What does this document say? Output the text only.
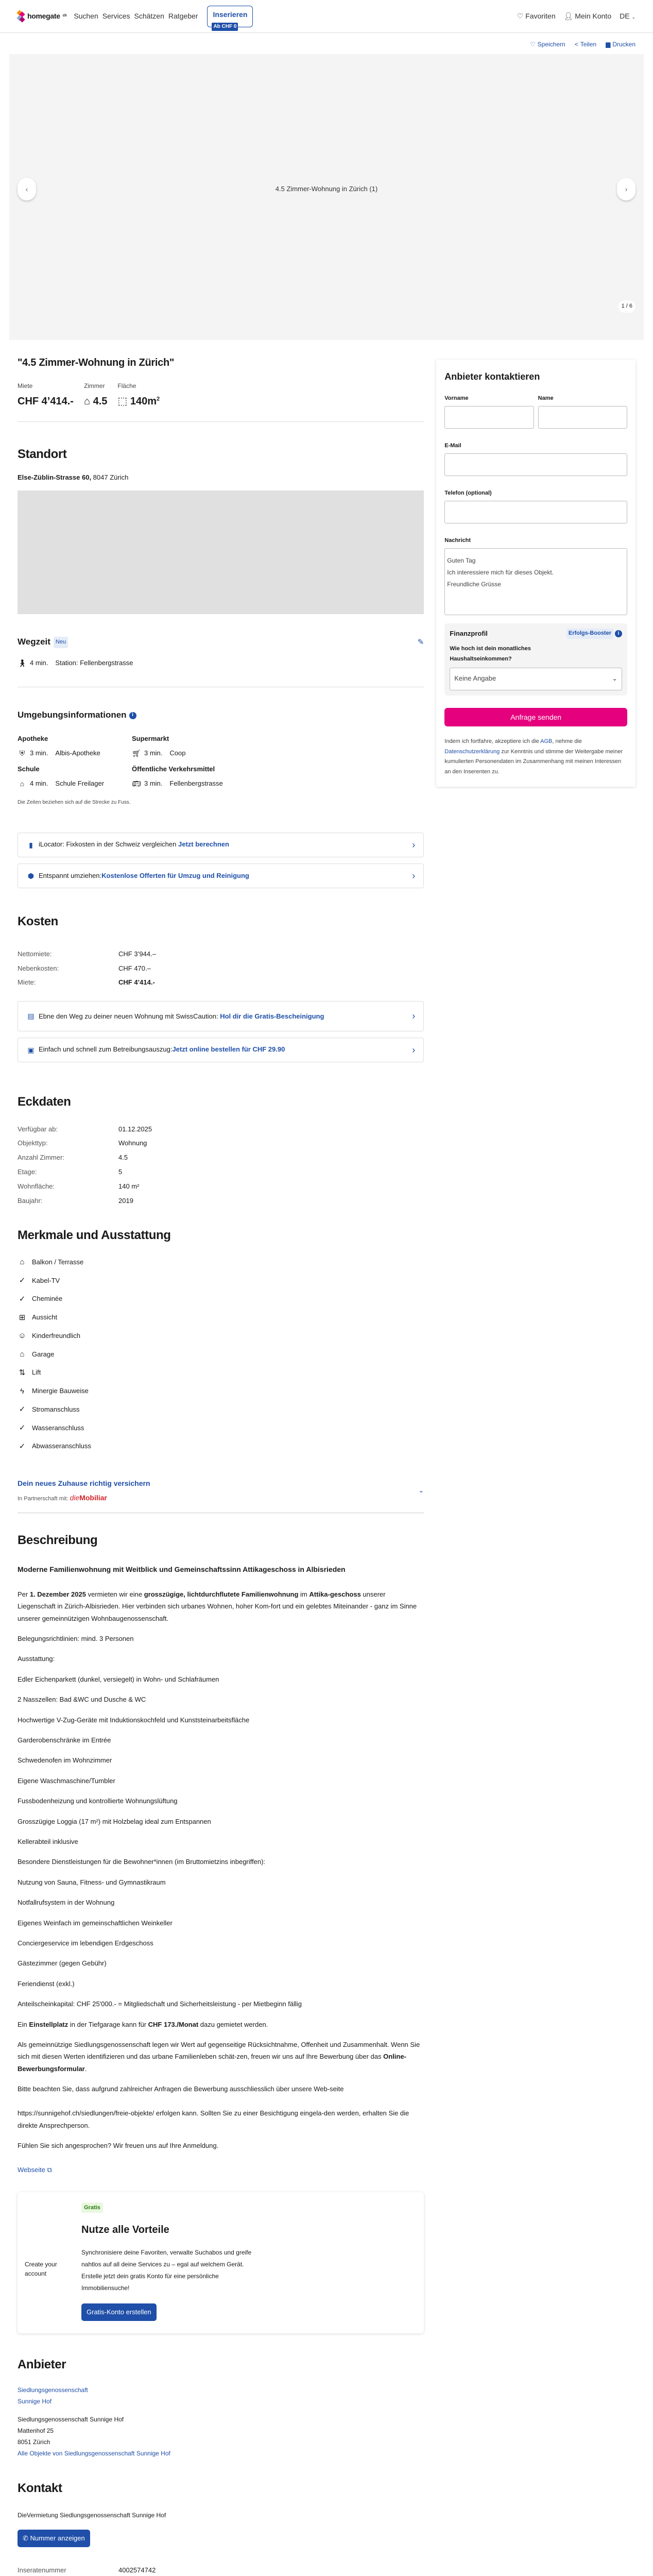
homegate ch Suchen Services Schätzen Ratgeber	Inserieren
Ab CHF 0
♡ Favoriten 👤︎ Mein Konto DE ⌄
♡ Speichern < Teilen ▆ Drucken
4.5 Zimmer-Wohnung in Zürich (1)
‹	›
1 / 6
"4.5 Zimmer-Wohnung in Zürich"
Miete
CHF 4’414.-
Zimmer
⌂ 4.5
Fläche
⬚ $140m^2$
Standort
Else-Züblin-Strasse 60, 8047 Zürich
Wegzeit Neu	✎
🚶︎ 4 min. Station: Fellenbergstrasse
Umgebungsinformationen	i
Apotheke
⛨ 3 min. Albis-Apotheke
Supermarkt
🛒︎ 3 min. Coop
Schule
⌂ 4 min. Schule Freilager
Öffentliche Verkehrsmittel
🚌︎ 3 min. Fellenbergstrasse
Die Zeiten beziehen sich auf die Strecke zu Fuss.
▮ iLocator: Fixkosten in der Schweiz vergleichen
Jetzt berechnen	›
⬢ Entspannt umziehen: Kostenlose Offerten für Umzug und Reinigung	›
Kosten
Nettomiete:	CHF 3’944.–
Nebenkosten:	CHF 470.–
Miete:	CHF 4’414.-
▤ Ebne den Weg zu deiner neuen Wohnung mit SwissCaution: Hol dir die Gratis-Bescheinigung	›
▣ Einfach und schnell zum Betreibungsauszug: Jetzt online bestellen für CHF 29.90	›
Eckdaten
Verfügbar ab:	01.12.2025
Objekttyp:	Wohnung
Anzahl Zimmer:	4.5
Etage:	5
Wohnfläche:	140 m²
Baujahr:	2019
Merkmale und Ausstattung
⌂	Balkon / Terrasse
✓ Kabel-TV
✓ Cheminée
⊞ Aussicht
☺ Kinderfreundlich
⌂	Garage
⇅ Lift
ϟ	Minergie Bauweise
✓ Stromanschluss
✓ Wasseranschluss
✓ Abwasseranschluss
Dein neues Zuhause richtig versichern
In Partnerschaft mit: dieMobiliar
⌄
Beschreibung

Moderne Familienwohnung mit Weitblick und Gemeinschaftssinn Attikageschoss in Albisrieden

Per 1. Dezember 2025 vermieten wir eine grosszügige, lichtdurchflutete Familienwohnung im Attika-geschoss unserer Liegenschaft in Zürich-Albisrieden. Hier verbinden sich urbanes Wohnen, hoher Kom-fort und ein gelebtes Miteinander - ganz im Sinne unserer gemeinnützigen Wohnbaugenossenschaft.

Belegungsrichtlinien: mind. 3 Personen

Ausstattung:

Edler Eichenparkett (dunkel, versiegelt) in Wohn- und Schlafräumen

2 Nasszellen: Bad &WC und Dusche & WC

Hochwertige V-Zug-Geräte mit Induktionskochfeld und Kunststeinarbeitsfläche

Garderobenschränke im Entrée

Schwedenofen im Wohnzimmer

Eigene Waschmaschine/Tumbler

Fussbodenheizung und kontrollierte Wohnungslüftung

Grosszügige Loggia (17 m²) mit Holzbelag ideal zum Entspannen

Kellerabteil inklusive

Besondere Dienstleistungen für die Bewohner*innen (im Bruttomietzins inbegriffen):

Nutzung von Sauna, Fitness- und Gymnastikraum

Notfallrufsystem in der Wohnung

Eigenes Weinfach im gemeinschaftlichen Weinkeller

Conciergeservice im lebendigen Erdgeschoss

Gästezimmer (gegen Gebühr)

Feriendienst (exkl.)

Anteilscheinkapital: CHF 25'000.- = Mitgliedschaft und Sicherheitsleistung - per Mietbeginn fällig

Ein Einstellplatz in der Tiefgarage kann für CHF 173./Monat dazu gemietet werden.

Als gemeinnützige Siedlungsgenossenschaft legen wir Wert auf gegenseitige Rücksichtnahme, Offenheit und Zusammenhalt. Wenn Sie sich mit diesen Werten identifizieren und das urbane Familienleben schät-zen, freuen wir uns auf Ihre Bewerbung über das Online-Bewerbungsformular.

Bitte beachten Sie, dass aufgrund zahlreicher Anfragen die Bewerbung ausschliesslich über unsere Web-seite

https://sunnigehof.ch/siedlungen/freie-objekte/ erfolgen kann. Sollten Sie zu einer Besichtigung eingela-den werden, erhalten Sie die direkte Ansprechperson.

Fühlen Sie sich angesprochen? Wir freuen uns auf Ihre Anmeldung.

Webseite ⧉
Create your account
Gratis
Nutze alle Vorteile
Synchronisiere deine Favoriten, verwalte Suchabos und greife nahtlos auf all deine Services zu – egal auf welchem Gerät. Erstelle jetzt dein gratis Konto für eine persönliche Immobiliensuche!
Gratis-Konto erstellen
Anbieter
Siedlungsgenossenschaft Sunnige Hof
Siedlungsgenossenschaft Sunnige Hof
Mattenhof 25
8051 Zürich
Alle Objekte von Siedlungsgenossenschaft Sunnige Hof
Kontakt
DieVermietung Siedlungsgenossenschaft Sunnige Hof
✆
Nummer anzeigen
Inseratenummer	4002574742
Anbieter kontaktieren
Vorname	Name
E-Mail
Telefon (optional)
Nachricht
Guten Tag
Ich interessiere mich für dieses Objekt.
Freundliche Grüsse
Finanzprofil	Erfolgs-Booster	i
Wie hoch ist dein monatliches Haushaltseinkommen?
Keine Angabe	⌄
Anfrage senden
Indem ich fortfahre, akzeptiere ich die AGB, nehme die Datenschutzerklärung zur Kenntnis und stimme der Weitergabe meiner kumulierten Personendaten im Zusammenhang mit meinen Interessen an den Inserenten zu.
